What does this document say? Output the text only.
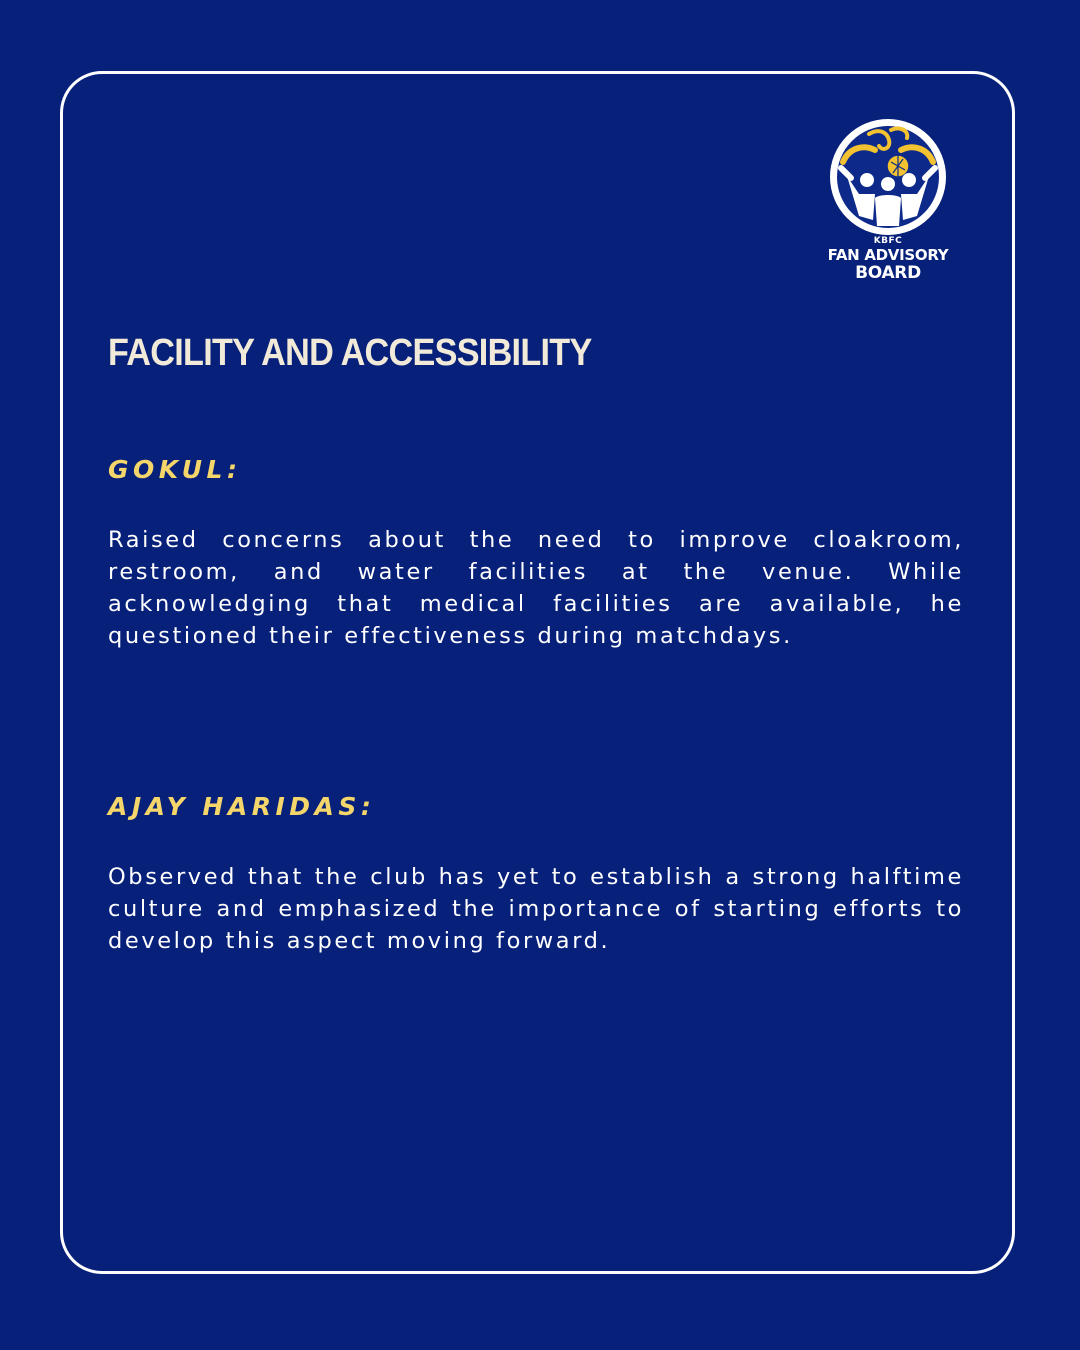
KBFC
FAN ADVISORY
BOARD
FACILITY AND ACCESSIBILITY
GOKUL:

Raised concerns about the need to improve cloakroom, restroom, and water facilities at the venue. While acknowledging that medical facilities are available, he questioned their effectiveness during matchdays.

AJAY HARIDAS:

Observed that the club has yet to establish a strong halftime culture and emphasized the importance of starting efforts to develop this aspect moving forward.
